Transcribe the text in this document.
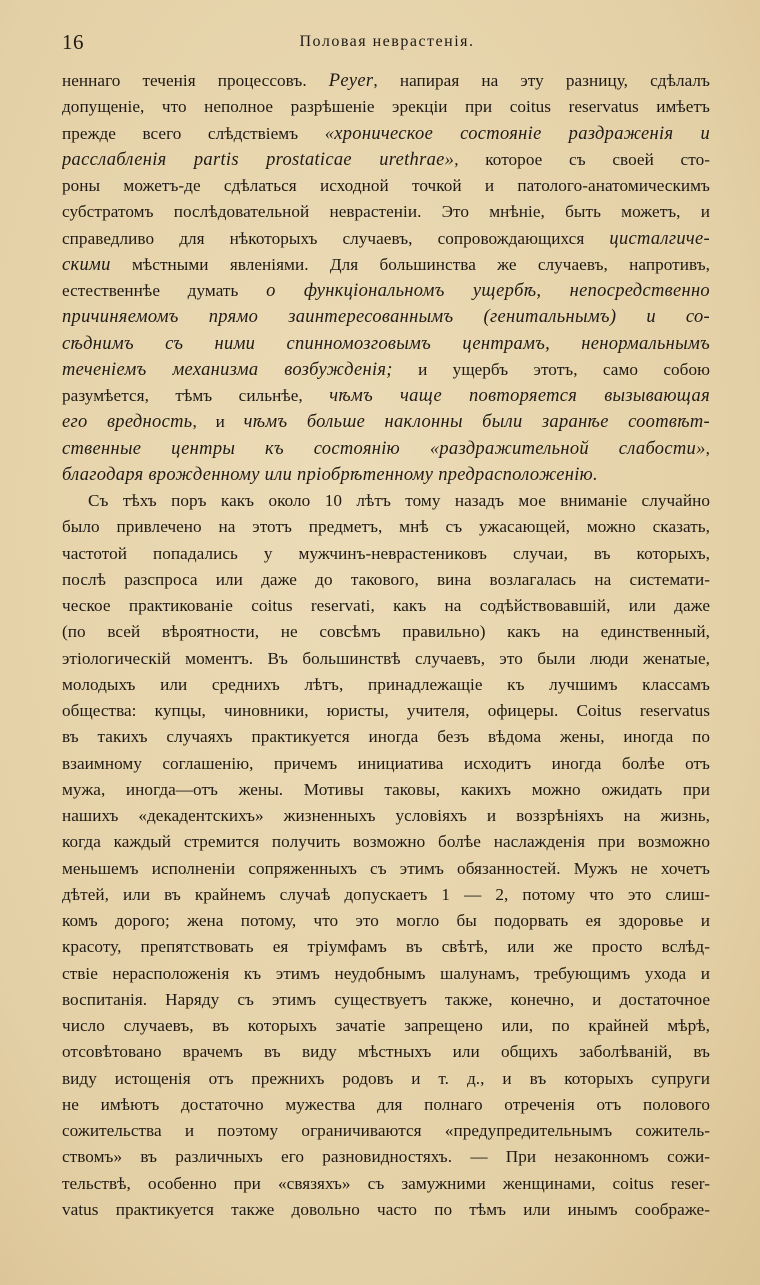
16	Половая неврастенія.
неннаго теченія процессовъ. Peyer, напирая на эту разницу, сдѣлалъ
допущеніе, что неполное разрѣшеніе эрекціи при coitus reservatus имѣетъ
прежде всего слѣдствіемъ «хроническое состояніе раздраженія и
расслабленія partis prostaticae urethrae», которое съ своей сто-
роны можетъ-де сдѣлаться исходной точкой и патолого-анатомическимъ
субстратомъ послѣдовательной неврастеніи. Это мнѣніе, быть можетъ, и
справедливо для нѣкоторыхъ случаевъ, сопровождающихся цисталгиче-
скими мѣстными явленіями. Для большинства же случаевъ, напротивъ,
естественнѣе думать о функціональномъ ущербѣ, непосредственно
причиняемомъ прямо заинтересованнымъ (генитальнымъ) и со-
сѣднимъ съ ними спинномозговымъ центрамъ, ненормальнымъ
теченіемъ механизма возбужденія; и ущербъ этотъ, само собою
разумѣется, тѣмъ сильнѣе, чѣмъ чаще повторяется вызывающая
его вредность, и чѣмъ больше наклонны были заранѣе соотвѣт-
ственные центры къ состоянію «раздражительной слабости»,
благодаря врожденному или пріобрѣтенному предрасположенію.
Съ тѣхъ поръ какъ около 10 лѣтъ тому назадъ мое вниманіе случайно
было привлечено на этотъ предметъ, мнѣ съ ужасающей, можно сказать,
частотой попадались у мужчинъ-неврастениковъ случаи, въ которыхъ,
послѣ разспроса или даже до такового, вина возлагалась на системати-
ческое практикованіе coitus reservati, какъ на содѣйствовавшій, или даже
(по всей вѣроятности, не совсѣмъ правильно) какъ на единственный,
этіологическій моментъ. Въ большинствѣ случаевъ, это были люди женатые,
молодыхъ или среднихъ лѣтъ, принадлежащіе къ лучшимъ классамъ
общества: купцы, чиновники, юристы, учителя, офицеры. Coitus reservatus
въ такихъ случаяхъ практикуется иногда безъ вѣдома жены, иногда по
взаимному соглашенію, причемъ инициатива исходитъ иногда болѣе отъ
мужа, иногда—отъ жены. Мотивы таковы, какихъ можно ожидать при
нашихъ «декадентскихъ» жизненныхъ условіяхъ и воззрѣніяхъ на жизнь,
когда каждый стремится получить возможно болѣе наслажденія при возможно
меньшемъ исполненіи сопряженныхъ съ этимъ обязанностей. Мужъ не хочетъ
дѣтей, или въ крайнемъ случаѣ допускаетъ 1 — 2, потому что это слиш-
комъ дорого; жена потому, что это могло бы подорвать ея здоровье и
красоту, препятствовать ея тріумфамъ въ свѣтѣ, или же просто вслѣд-
ствіе нерасположенія къ этимъ неудобнымъ шалунамъ, требующимъ ухода и
воспитанія. Наряду съ этимъ существуетъ также, конечно, и достаточное
число случаевъ, въ которыхъ зачатіе запрещено или, по крайней мѣрѣ,
отсовѣтовано врачемъ въ виду мѣстныхъ или общихъ заболѣваній, въ
виду истощенія отъ прежнихъ родовъ и т. д., и въ которыхъ супруги
не имѣютъ достаточно мужества для полнаго отреченія отъ полового
сожительства и поэтому ограничиваются «предупредительнымъ сожитель-
ствомъ» въ различныхъ его разновидностяхъ. — При незаконномъ сожи-
тельствѣ, особенно при «связяхъ» съ замужними женщинами, coitus reser-
vatus практикуется также довольно часто по тѣмъ или инымъ соображе-
